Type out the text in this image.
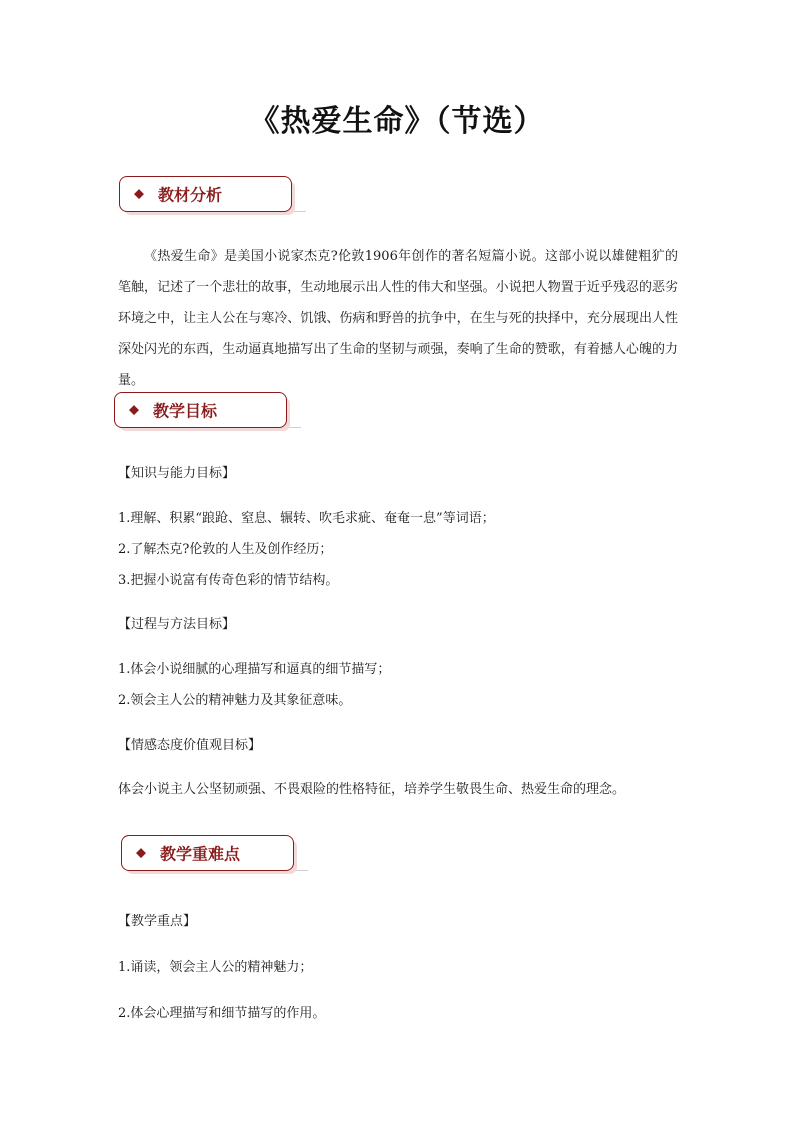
《热爱生命》（节选）
◆ 教材分析
《热爱生命》是美国小说家杰克?伦敦1906年创作的著名短篇小说。这部小说以雄健粗犷的笔触，记述了一个悲壮的故事，生动地展示出人性的伟大和坚强。小说把人物置于近乎残忍的恶劣环境之中，让主人公在与寒冷、饥饿、伤病和野兽的抗争中，在生与死的抉择中，充分展现出人性深处闪光的东西，生动逼真地描写出了生命的坚韧与顽强，奏响了生命的赞歌，有着撼人心魄的力量。
◆ 教学目标
【知识与能力目标】
1.理解、积累“踉跄、窒息、辗转、吹毛求疵、奄奄一息”等词语；
2.了解杰克?伦敦的人生及创作经历；
3.把握小说富有传奇色彩的情节结构。
【过程与方法目标】
1.体会小说细腻的心理描写和逼真的细节描写；
2.领会主人公的精神魅力及其象征意味。
【情感态度价值观目标】
体会小说主人公坚韧顽强、不畏艰险的性格特征，培养学生敬畏生命、热爱生命的理念。
◆ 教学重难点
【教学重点】
1.诵读，领会主人公的精神魅力；
2.体会心理描写和细节描写的作用。
